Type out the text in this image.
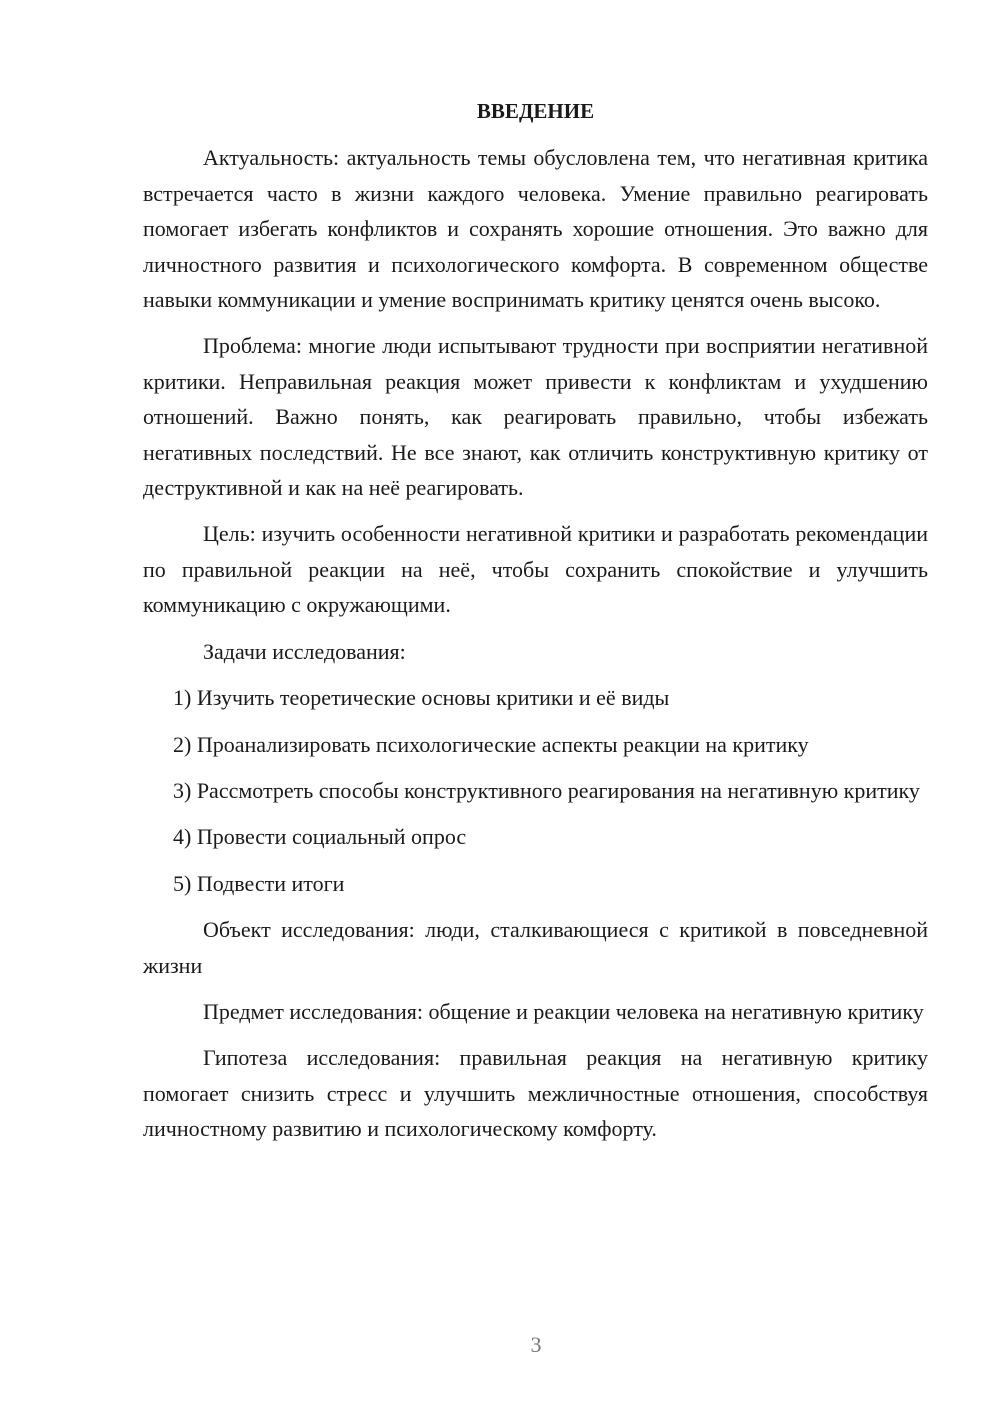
ВВЕДЕНИЕ

Актуальность: актуальность темы обусловлена тем, что негативная критика встречается часто в жизни каждого человека. Умение правильно реагировать помогает избегать конфликтов и сохранять хорошие отношения. Это важно для личностного развития и психологического комфорта. В современном обществе навыки коммуникации и умение воспринимать критику ценятся очень высоко.

Проблема: многие люди испытывают трудности при восприятии негативной критики. Неправильная реакция может привести к конфликтам и ухудшению отношений. Важно понять, как реагировать правильно, чтобы избежать негативных последствий. Не все знают, как отличить конструктивную критику от деструктивной и как на неё реагировать.

Цель: изучить особенности негативной критики и разработать рекомендации по правильной реакции на неё, чтобы сохранить спокойствие и улучшить коммуникацию с окружающими.

Задачи исследования:

1) Изучить теоретические основы критики и её виды

2) Проанализировать психологические аспекты реакции на критику

3) Рассмотреть способы конструктивного реагирования на негативную критику

4) Провести социальный опрос

5) Подвести итоги

Объект исследования: люди, сталкивающиеся с критикой в повседневной жизни

Предмет исследования: общение и реакции человека на негативную критику

Гипотеза исследования: правильная реакция на негативную критику помогает снизить стресс и улучшить межличностные отношения, способствуя личностному развитию и психологическому комфорту.

3
